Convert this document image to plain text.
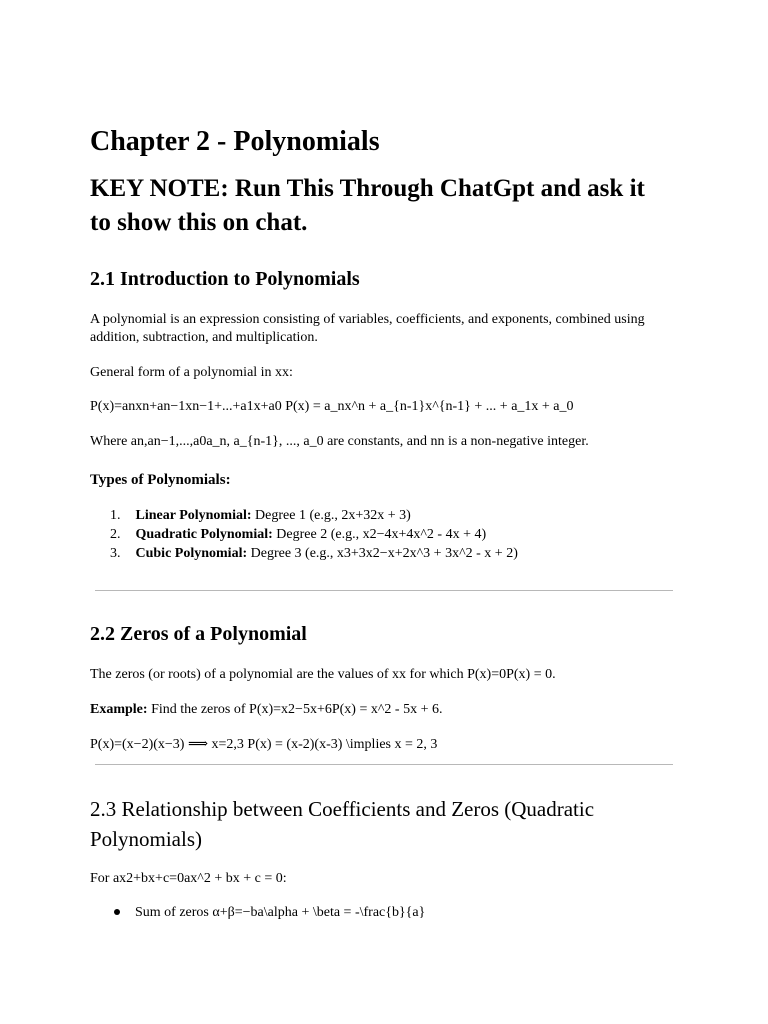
Chapter 2 - Polynomials
KEY NOTE: Run This Through ChatGpt and ask it
to show this on chat.
2.1 Introduction to Polynomials

A polynomial is an expression consisting of variables, coefficients, and exponents, combined using

addition, subtraction, and multiplication.

General form of a polynomial in xx:

P(x)=anxn+an−1xn−1+...+a1x+a0 P(x) = a_nx^n + a_{n-1}x^{n-1} + ... + a_1x + a_0

Where an,an−1,...,a0a_n, a_{n-1}, ..., a_0 are constants, and nn is a non-negative integer.

Types of Polynomials:

1. Linear Polynomial: Degree 1 (e.g., 2x+32x + 3)
2. Quadratic Polynomial: Degree 2 (e.g., x2−4x+4x^2 - 4x + 4)
3. Cubic Polynomial: Degree 3 (e.g., x3+3x2−x+2x^3 + 3x^2 - x + 2)
2.2 Zeros of a Polynomial

The zeros (or roots) of a polynomial are the values of xx for which P(x)=0P(x) = 0.

Example: Find the zeros of P(x)=x2−5x+6P(x) = x^2 - 5x + 6.

P(x)=(x−2)(x−3) ⟹ x=2,3 P(x) = (x-2)(x-3) \implies x = 2, 3

2.3 Relationship between Coefficients and Zeros (Quadratic
Polynomials)

For ax2+bx+c=0ax^2 + bx + c = 0:

Sum of zeros α+β=−ba\alpha + \beta = -\frac{b}{a}
